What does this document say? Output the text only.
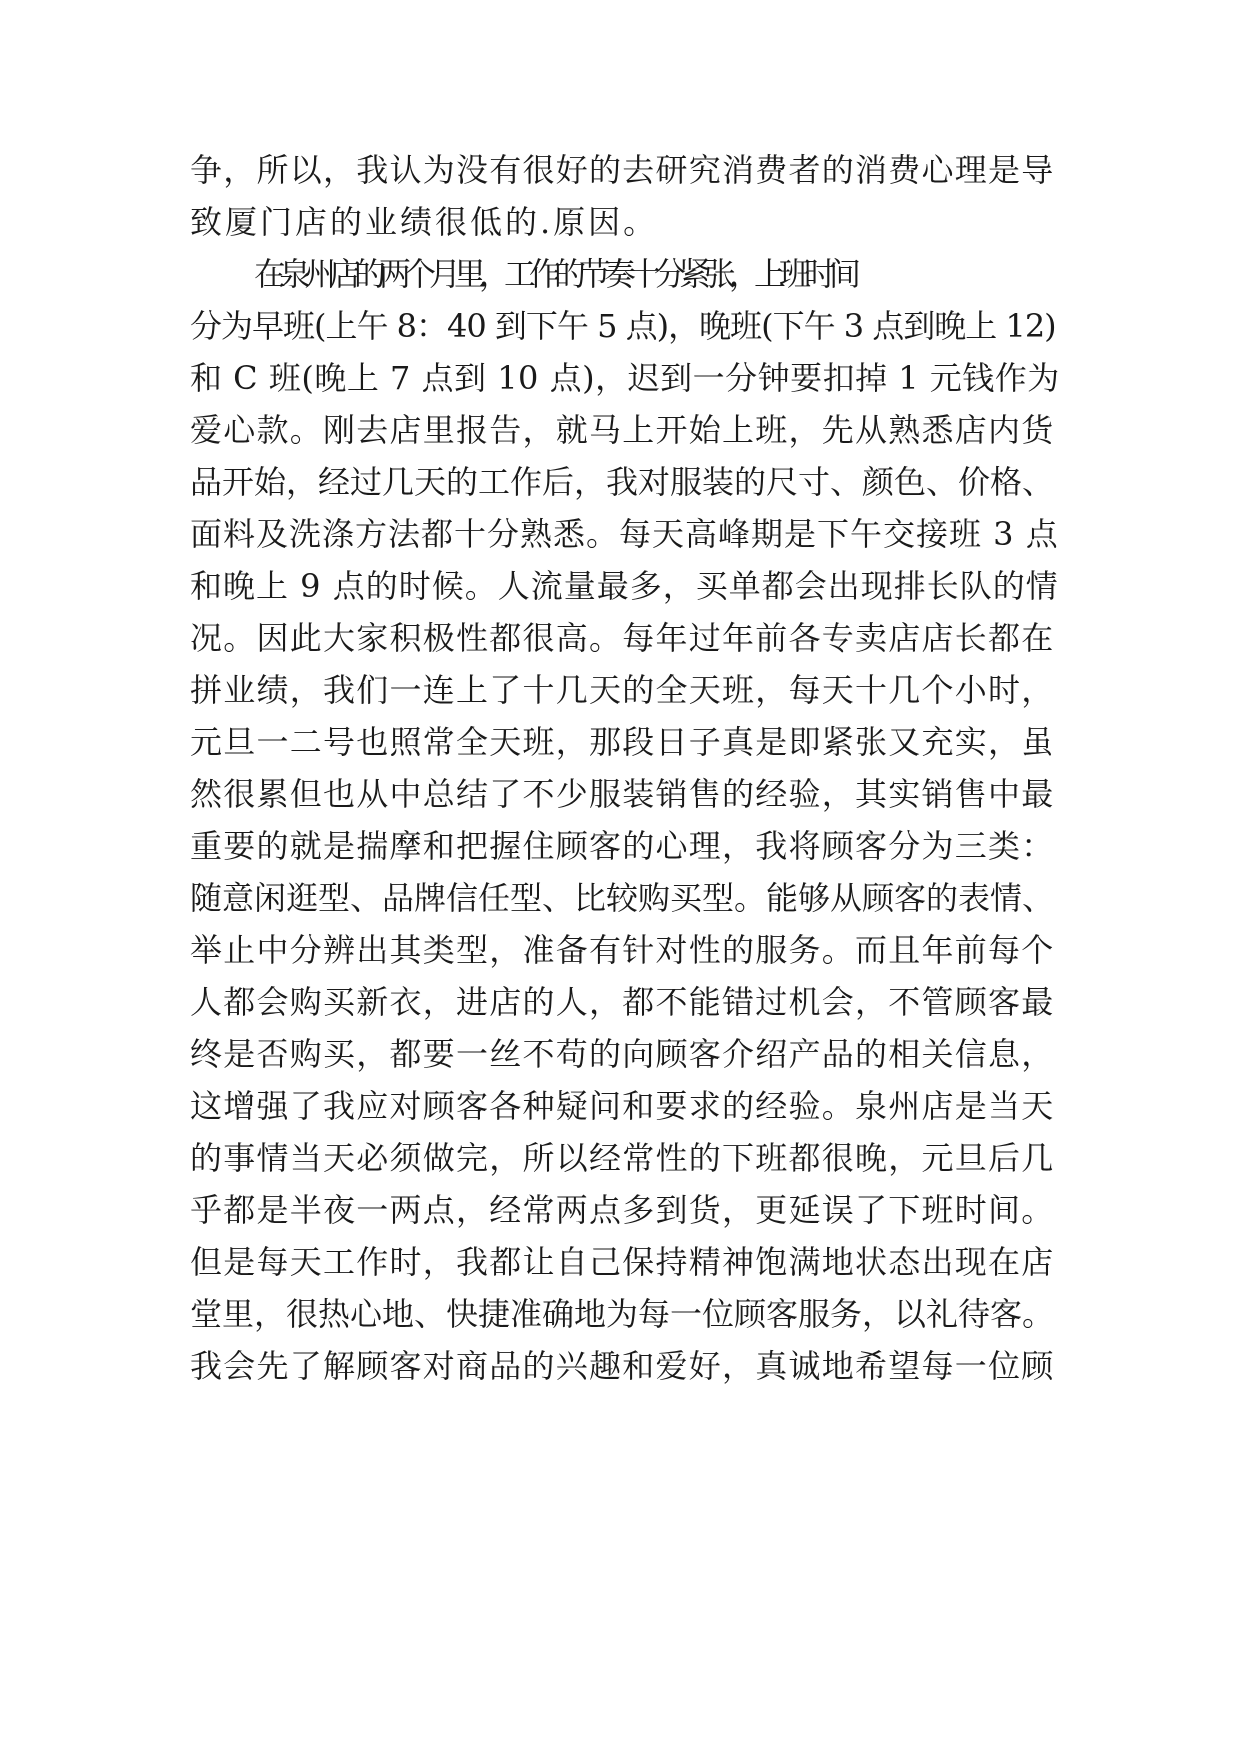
争，所以，我认为没有很好的去研究消费者的消费心理是导

致厦门店的业绩很低的.原因。

在泉州店的两个月里，工作的节奏十分紧张，上班时间

分为早班(上午 8：40 到下午 5 点)，晚班(下午 3 点到晚上 12)

和 C 班(晚上 7 点到 10 点)，迟到一分钟要扣掉 1 元钱作为

爱心款。刚去店里报告，就马上开始上班，先从熟悉店内货

品开始，经过几天的工作后，我对服装的尺寸、颜色、价格、

面料及洗涤方法都十分熟悉。每天高峰期是下午交接班 3 点

和晚上 9 点的时候。人流量最多，买单都会出现排长队的情

况。因此大家积极性都很高。每年过年前各专卖店店长都在

拼业绩，我们一连上了十几天的全天班，每天十几个小时，

元旦一二号也照常全天班，那段日子真是即紧张又充实，虽

然很累但也从中总结了不少服装销售的经验，其实销售中最

重要的就是揣摩和把握住顾客的心理，我将顾客分为三类：

随意闲逛型、品牌信任型、比较购买型。能够从顾客的表情、

举止中分辨出其类型，准备有针对性的服务。而且年前每个

人都会购买新衣，进店的人，都不能错过机会，不管顾客最

终是否购买，都要一丝不苟的向顾客介绍产品的相关信息，

这增强了我应对顾客各种疑问和要求的经验。泉州店是当天

的事情当天必须做完，所以经常性的下班都很晚，元旦后几

乎都是半夜一两点，经常两点多到货，更延误了下班时间。

但是每天工作时，我都让自己保持精神饱满地状态出现在店

堂里，很热心地、快捷准确地为每一位顾客服务，以礼待客。

我会先了解顾客对商品的兴趣和爱好，真诚地希望每一位顾
